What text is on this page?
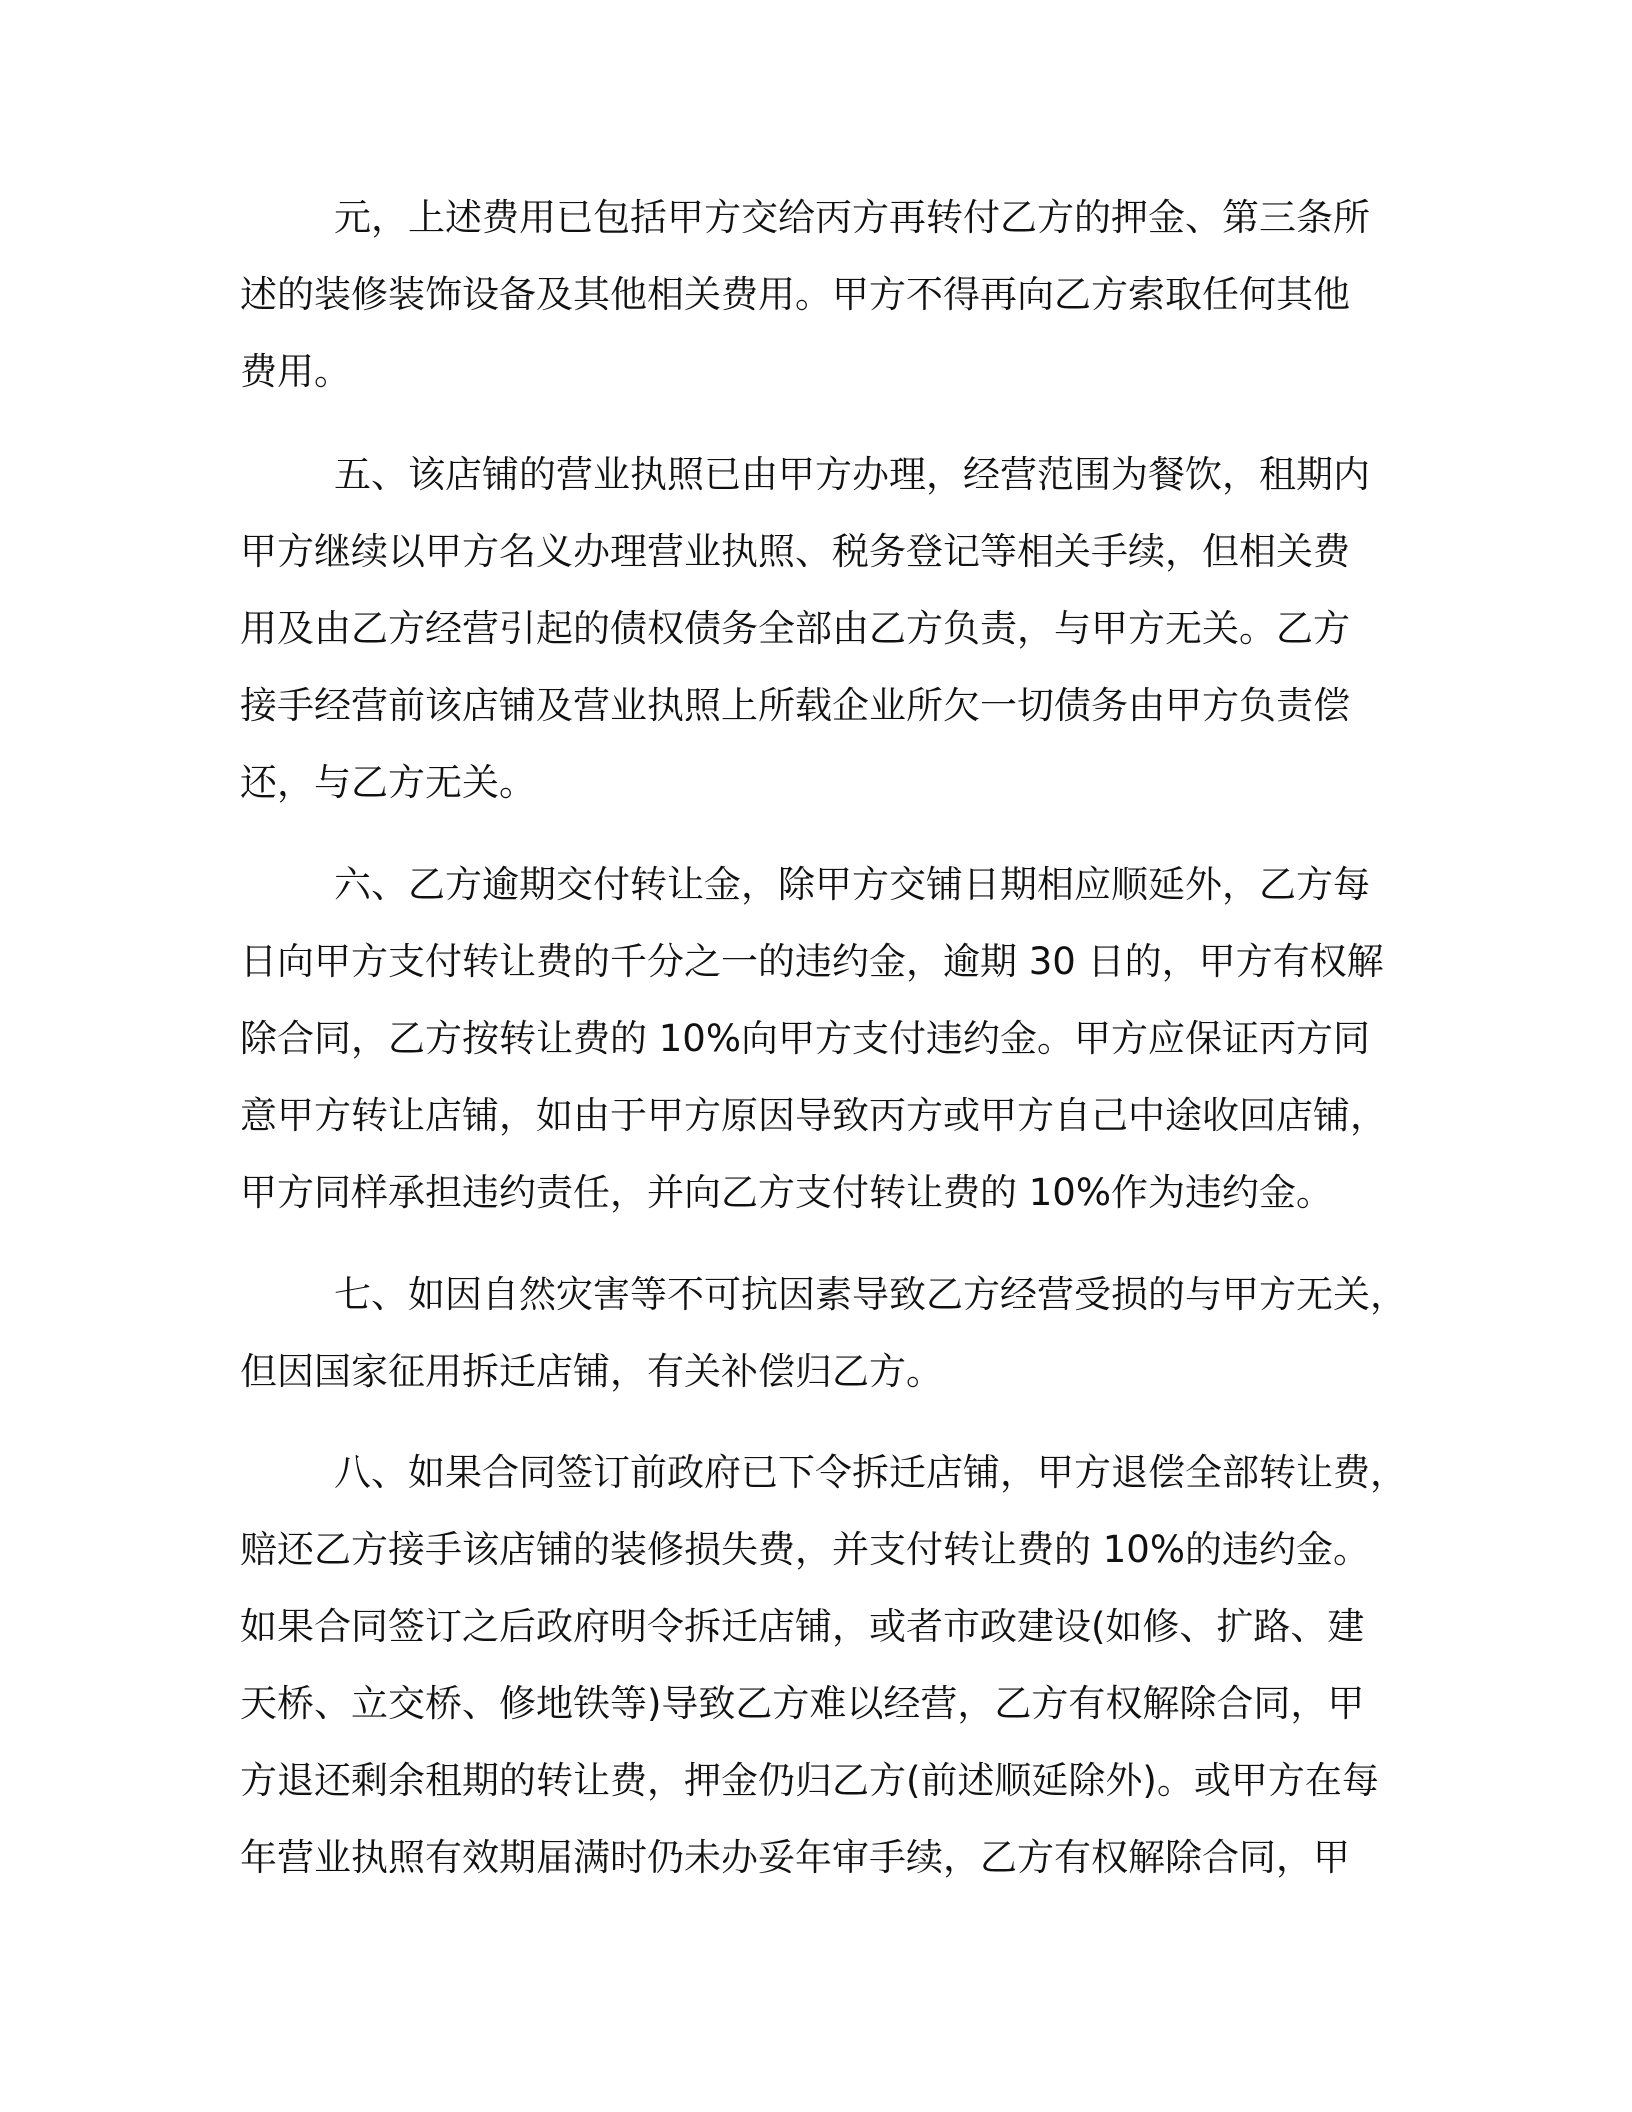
元，上述费用已包括甲方交给丙方再转付乙方的押金、第三条所
述的装修装饰设备及其他相关费用。甲方不得再向乙方索取任何其他
费用。
五、该店铺的营业执照已由甲方办理，经营范围为餐饮，租期内
甲方继续以甲方名义办理营业执照、税务登记等相关手续，但相关费
用及由乙方经营引起的债权债务全部由乙方负责，与甲方无关。乙方
接手经营前该店铺及营业执照上所载企业所欠一切债务由甲方负责偿
还，与乙方无关。
六、乙方逾期交付转让金，除甲方交铺日期相应顺延外，乙方每
日向甲方支付转让费的千分之一的违约金，逾期 30 日的，甲方有权解
除合同，乙方按转让费的 10%向甲方支付违约金。甲方应保证丙方同
意甲方转让店铺，如由于甲方原因导致丙方或甲方自己中途收回店铺，
甲方同样承担违约责任，并向乙方支付转让费的 10%作为违约金。
七、如因自然灾害等不可抗因素导致乙方经营受损的与甲方无关，
但因国家征用拆迁店铺，有关补偿归乙方。
八、如果合同签订前政府已下令拆迁店铺，甲方退偿全部转让费，
赔还乙方接手该店铺的装修损失费，并支付转让费的 10%的违约金。
如果合同签订之后政府明令拆迁店铺，或者市政建设(如修、扩路、建
天桥、立交桥、修地铁等)导致乙方难以经营，乙方有权解除合同，甲
方退还剩余租期的转让费，押金仍归乙方(前述顺延除外)。或甲方在每
年营业执照有效期届满时仍未办妥年审手续，乙方有权解除合同，甲
